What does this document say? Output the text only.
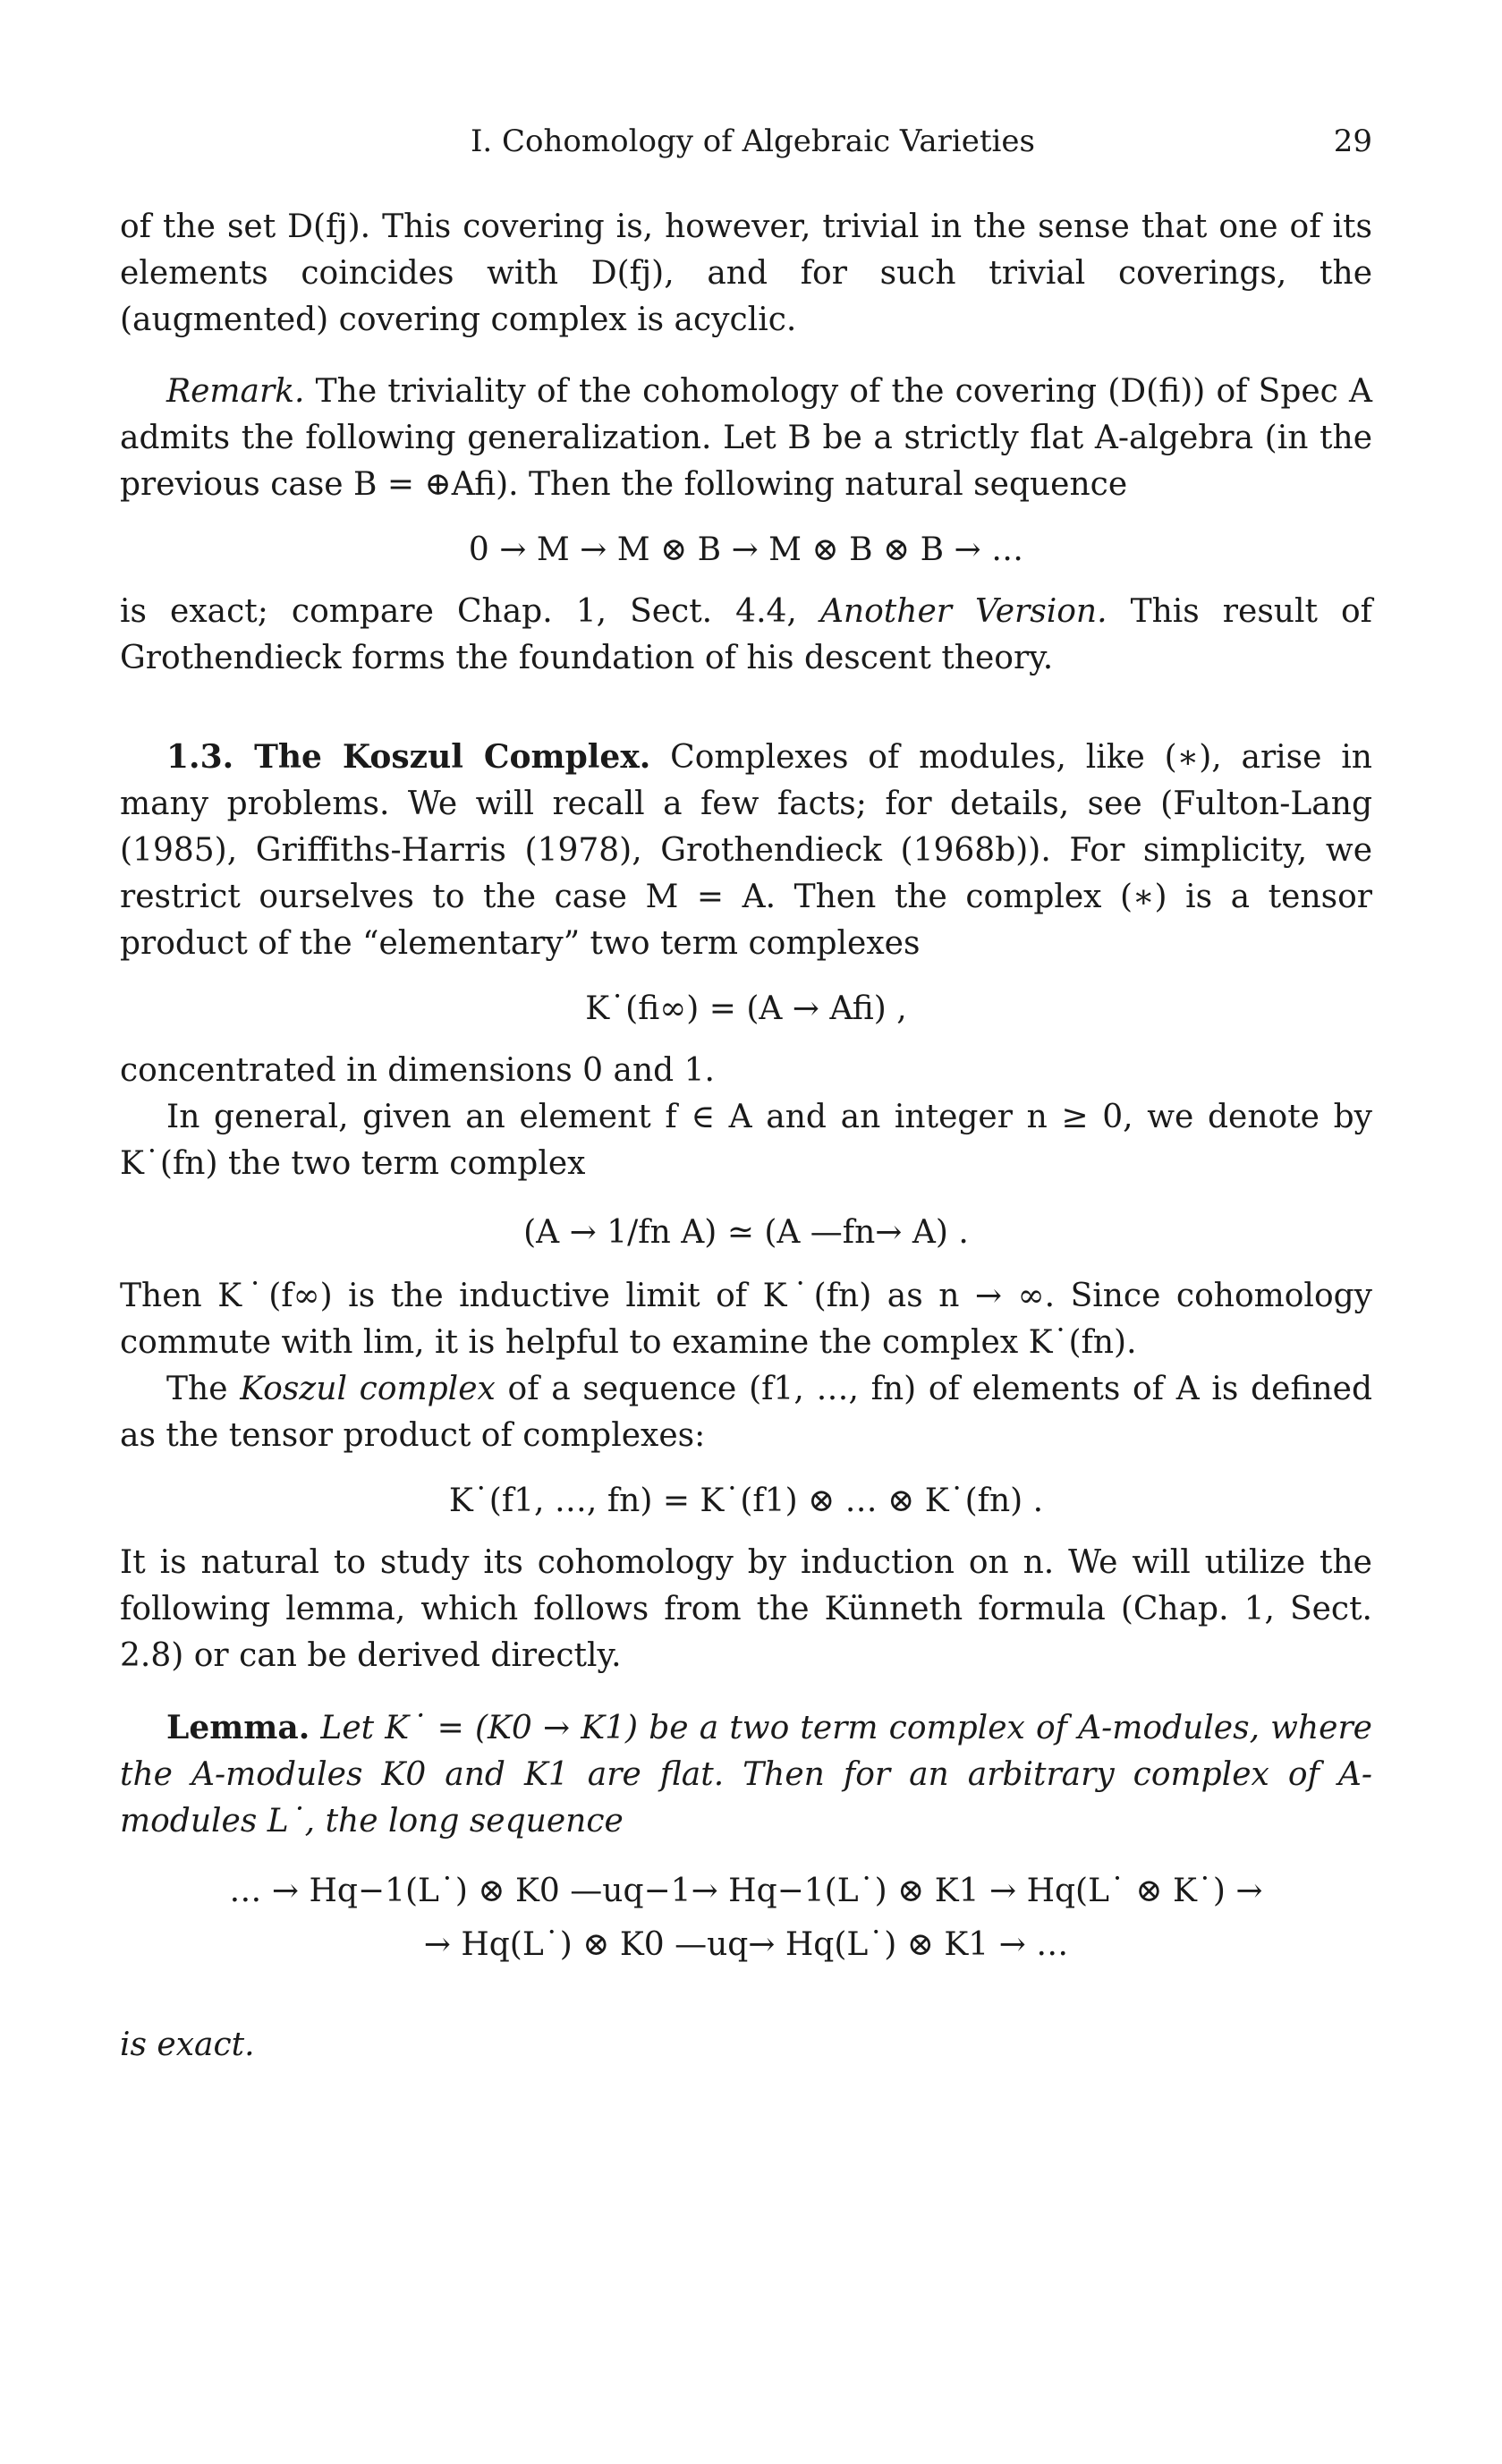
I. Cohomology of Algebraic Varieties	29

of the set D(fj). This covering is, however, trivial in the sense that one of its elements coincides with D(fj), and for such trivial coverings, the (augmented) covering complex is acyclic.

Remark. The triviality of the cohomology of the covering (D(fi)) of Spec A admits the following generalization. Let B be a strictly flat A-algebra (in the previous case B = ⊕Afi). Then the following natural sequence

0 → M → M ⊗ B → M ⊗ B ⊗ B → …

is exact; compare Chap. 1, Sect. 4.4, Another Version. This result of Grothendieck forms the foundation of his descent theory.

1.3. The Koszul Complex. Complexes of modules, like (∗), arise in many problems. We will recall a few facts; for details, see (Fulton-Lang (1985), Griffiths-Harris (1978), Grothendieck (1968b)). For simplicity, we restrict ourselves to the case M = A. Then the complex (∗) is a tensor product of the “elementary” two term complexes

K˙(fi∞) = (A → Afi) ,

concentrated in dimensions 0 and 1.

In general, given an element f ∈ A and an integer n ≥ 0, we denote by K˙(fn) the two term complex

(A → 1/fn A) ≃ (A —fn→ A) .

Then K˙(f∞) is the inductive limit of K˙(fn) as n → ∞. Since cohomology commute with lim, it is helpful to examine the complex K˙(fn).

The Koszul complex of a sequence (f1, …, fn) of elements of A is defined as the tensor product of complexes:

K˙(f1, …, fn) = K˙(f1) ⊗ … ⊗ K˙(fn) .

It is natural to study its cohomology by induction on n. We will utilize the following lemma, which follows from the Künneth formula (Chap. 1, Sect. 2.8) or can be derived directly.

Lemma. Let K˙ = (K0 → K1) be a two term complex of A-modules, where the A-modules K0 and K1 are flat. Then for an arbitrary complex of A-modules L˙, the long sequence

… → Hq−1(L˙) ⊗ K0 —uq−1→ Hq−1(L˙) ⊗ K1 → Hq(L˙ ⊗ K˙) →
→ Hq(L˙) ⊗ K0 —uq→ Hq(L˙) ⊗ K1 → …

is exact.
